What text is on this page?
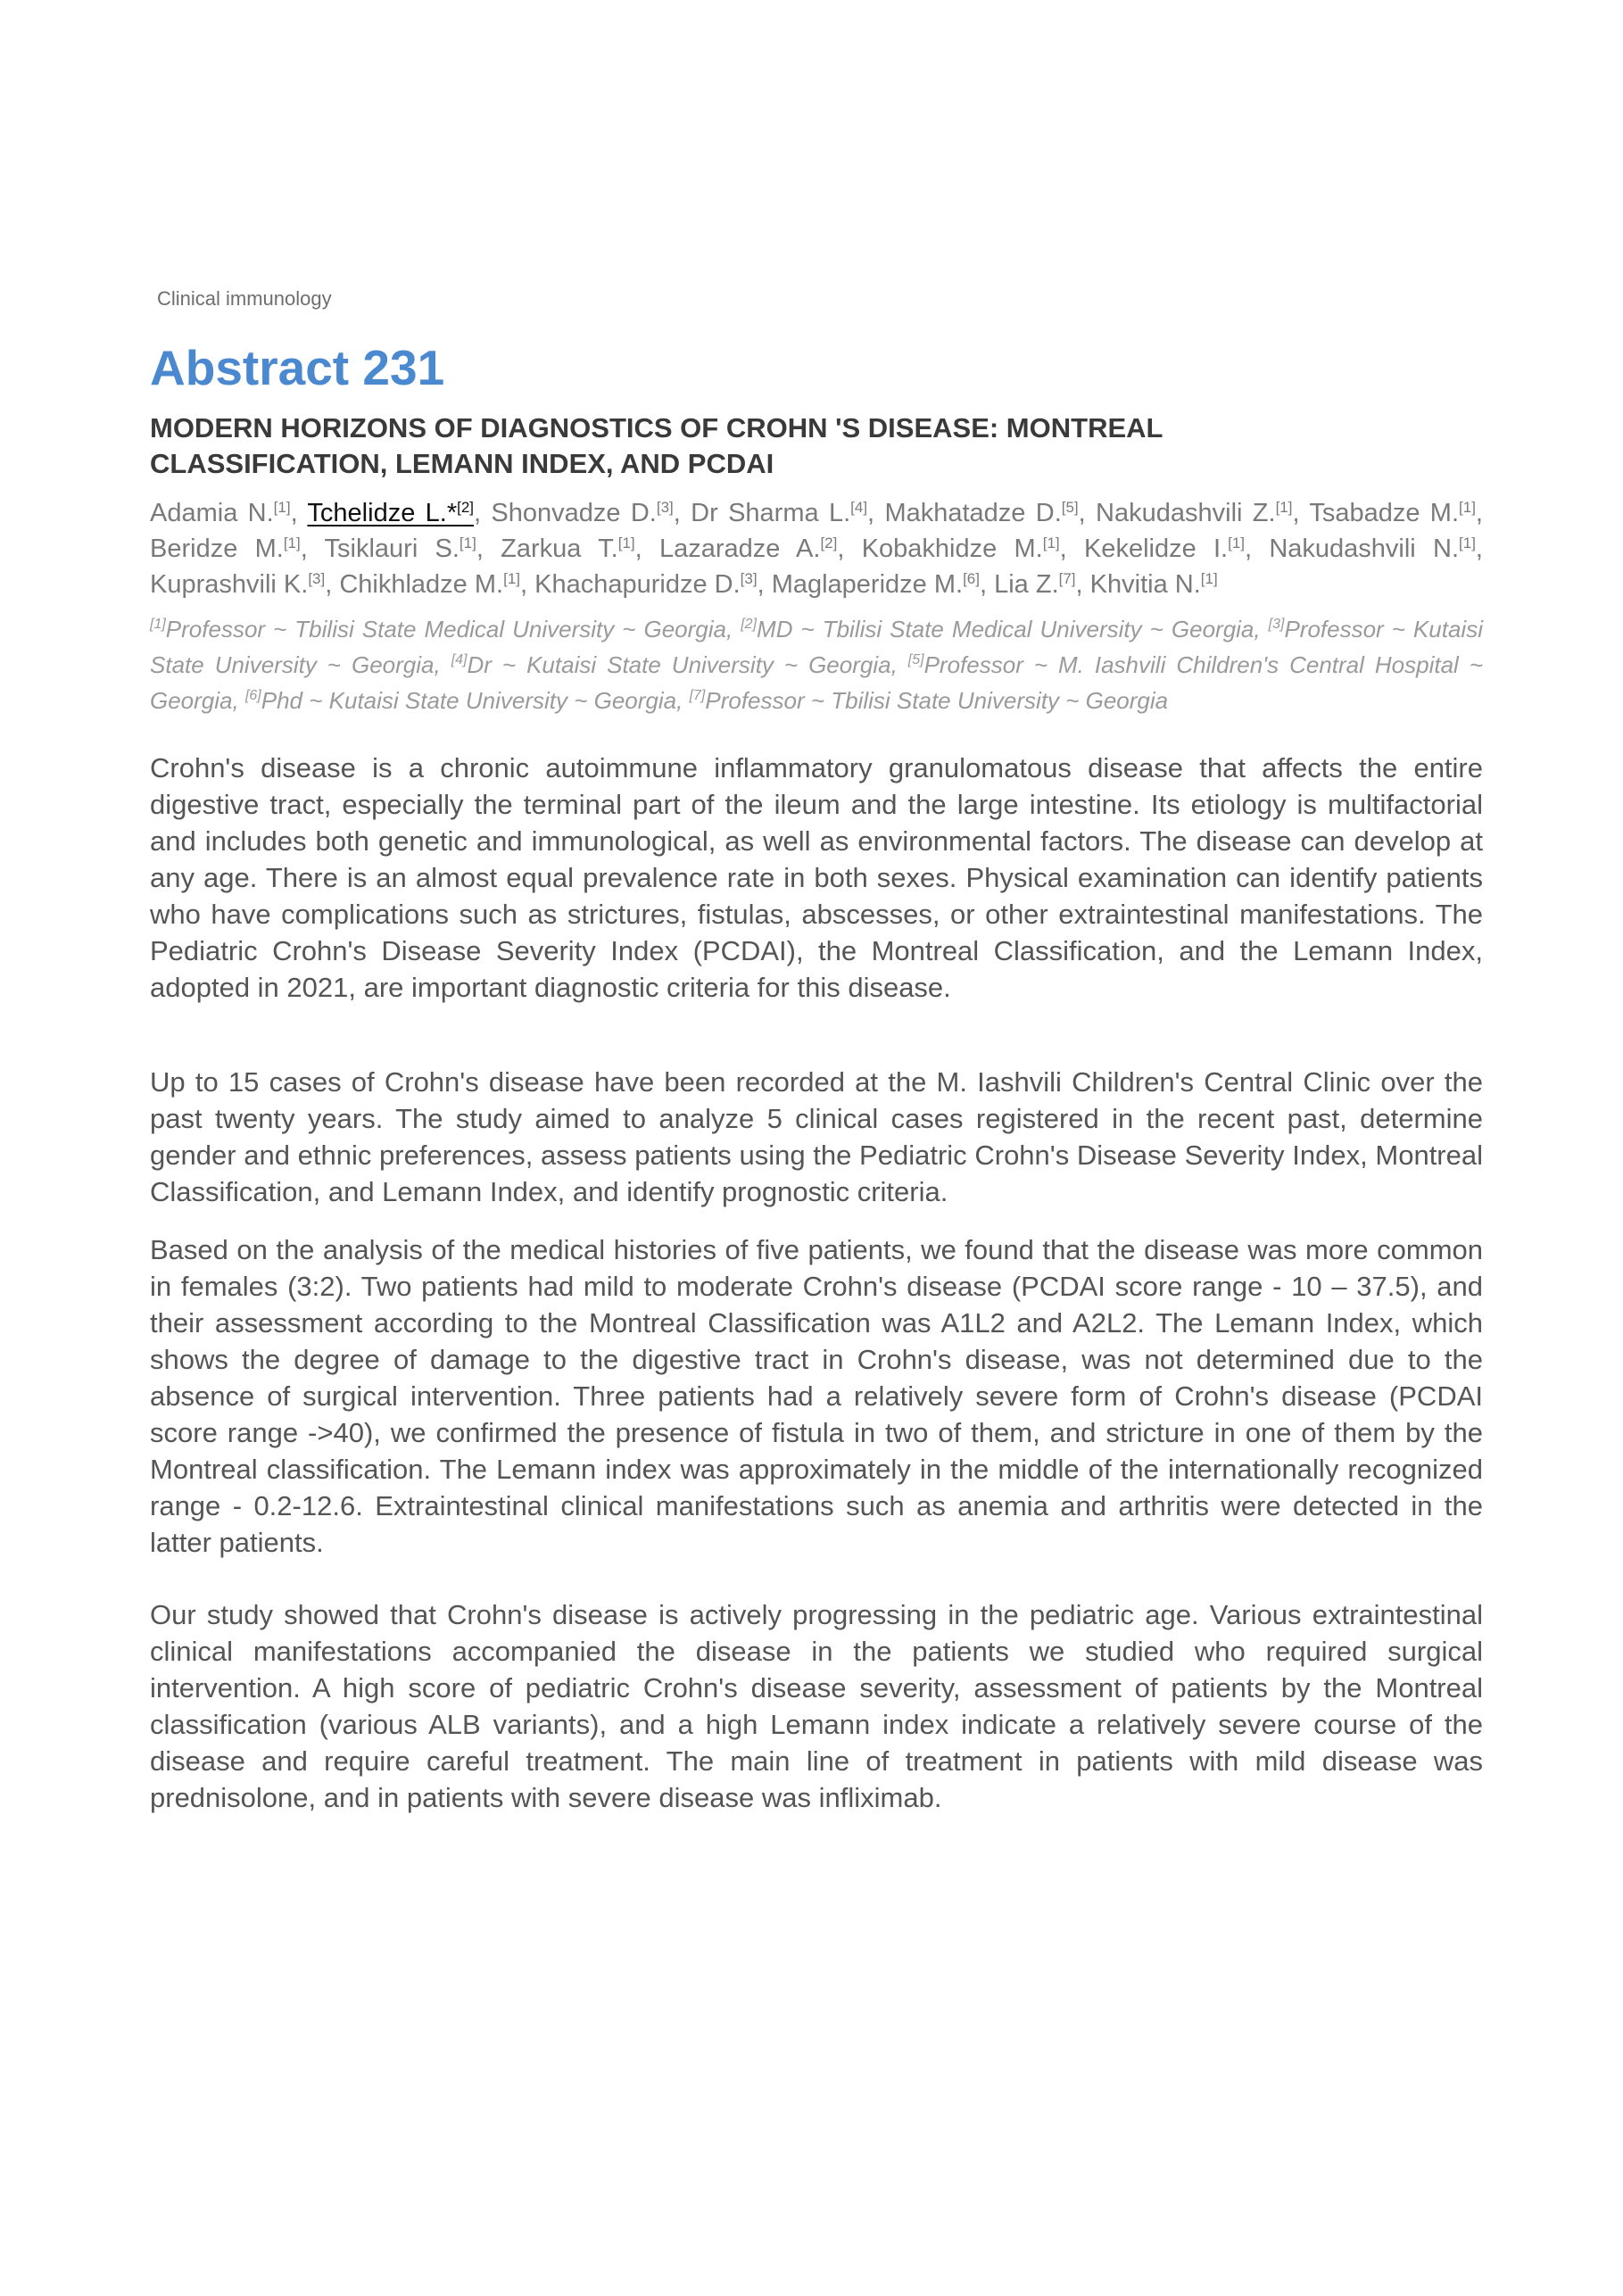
Clinical immunology
Abstract 231
MODERN HORIZONS OF DIAGNOSTICS OF CROHN 'S DISEASE: MONTREAL CLASSIFICATION, LEMANN INDEX, AND PCDAI
Adamia N.[1], Tchelidze L.*[2], Shonvadze D.[3], Dr Sharma L.[4], Makhatadze D.[5], Nakudashvili Z.[1], Tsabadze M.[1], Beridze M.[1], Tsiklauri S.[1], Zarkua T.[1], Lazaradze A.[2], Kobakhidze M.[1], Kekelidze I.[1], Nakudashvili N.[1], Kuprashvili K.[3], Chikhladze M.[1], Khachapuridze D.[3], Maglaperidze M.[6], Lia Z.[7], Khvitia N.[1]
[1]Professor ~ Tbilisi State Medical University ~ Georgia, [2]MD ~ Tbilisi State Medical University ~ Georgia, [3]Professor ~ Kutaisi State University ~ Georgia, [4]Dr ~ Kutaisi State University ~ Georgia, [5]Professor ~ M. Iashvili Children's Central Hospital ~ Georgia, [6]Phd ~ Kutaisi State University ~ Georgia, [7]Professor ~ Tbilisi State University ~ Georgia

Crohn's disease is a chronic autoimmune inflammatory granulomatous disease that affects the entire digestive tract, especially the terminal part of the ileum and the large intestine. Its etiology is multifactorial and includes both genetic and immunological, as well as environmental factors. The disease can develop at any age. There is an almost equal prevalence rate in both sexes. Physical examination can identify patients who have complications such as strictures, fistulas, abscesses, or other extraintestinal manifestations. The Pediatric Crohn's Disease Severity Index (PCDAI), the Montreal Classification, and the Lemann Index, adopted in 2021, are important diagnostic criteria for this disease.

Up to 15 cases of Crohn's disease have been recorded at the M. Iashvili Children's Central Clinic over the past twenty years. The study aimed to analyze 5 clinical cases registered in the recent past, determine gender and ethnic preferences, assess patients using the Pediatric Crohn's Disease Severity Index, Montreal Classification, and Lemann Index, and identify prognostic criteria.

Based on the analysis of the medical histories of five patients, we found that the disease was more common in females (3:2). Two patients had mild to moderate Crohn's disease (PCDAI score range - 10 – 37.5), and their assessment according to the Montreal Classification was A1L2 and A2L2. The Lemann Index, which shows the degree of damage to the digestive tract in Crohn's disease, was not determined due to the absence of surgical intervention. Three patients had a relatively severe form of Crohn's disease (PCDAI score range ->40), we confirmed the presence of fistula in two of them, and stricture in one of them by the Montreal classification. The Lemann index was approximately in the middle of the internationally recognized range - 0.2-12.6. Extraintestinal clinical manifestations such as anemia and arthritis were detected in the latter patients.

Our study showed that Crohn's disease is actively progressing in the pediatric age. Various extraintestinal clinical manifestations accompanied the disease in the patients we studied who required surgical intervention. A high score of pediatric Crohn's disease severity, assessment of patients by the Montreal classification (various ALB variants), and a high Lemann index indicate a relatively severe course of the disease and require careful treatment. The main line of treatment in patients with mild disease was prednisolone, and in patients with severe disease was infliximab.
